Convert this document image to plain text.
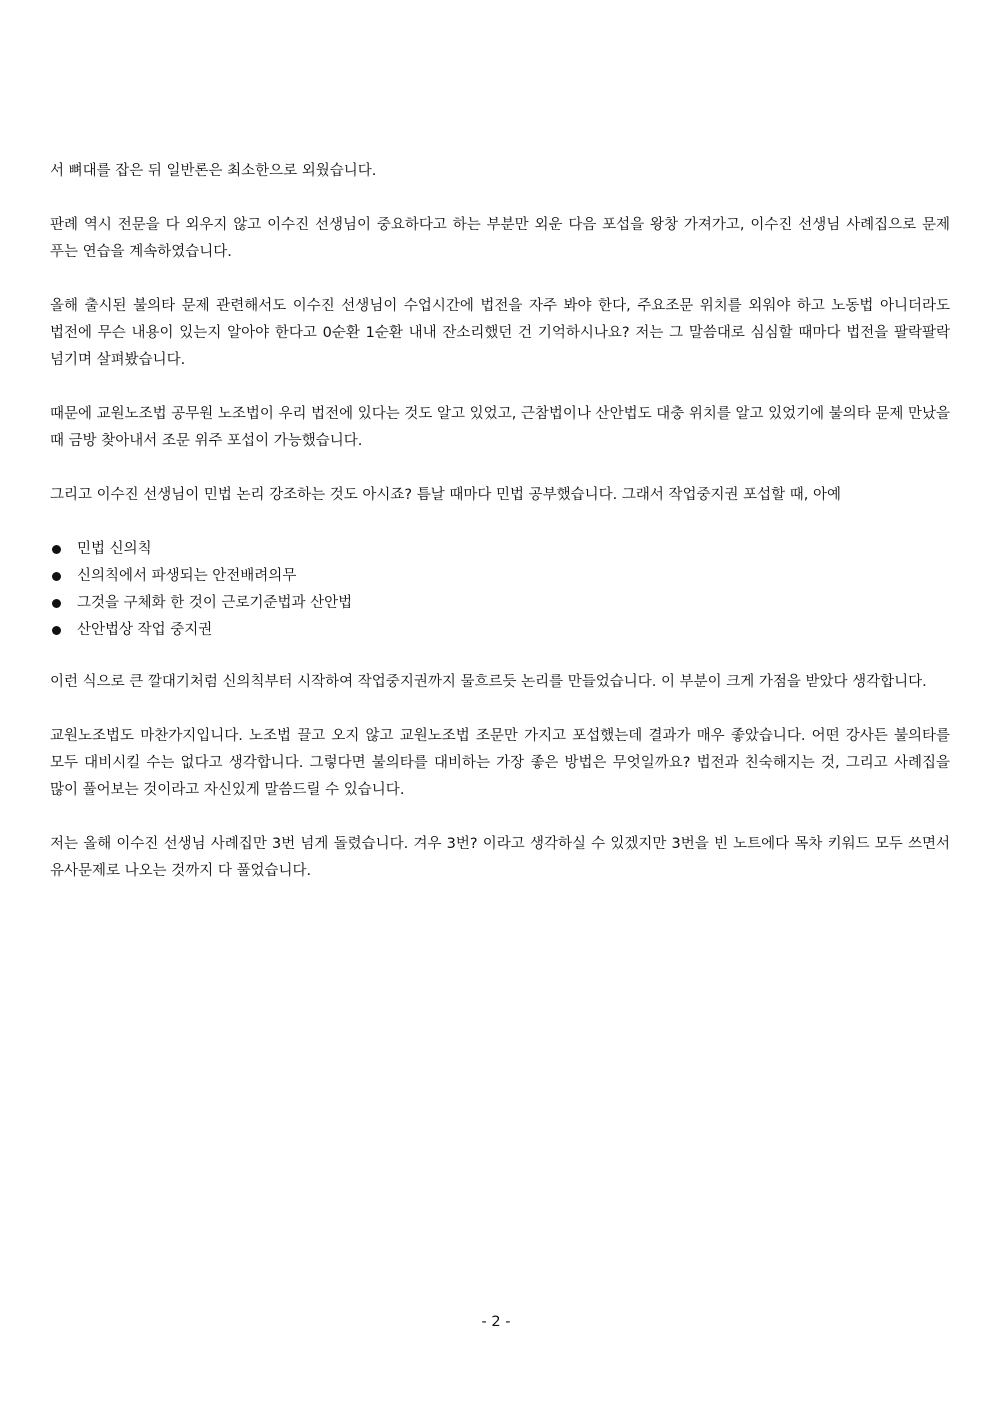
서 뼈대를 잡은 뒤 일반론은 최소한으로 외웠습니다.

판례 역시 전문을 다 외우지 않고 이수진 선생님이 중요하다고 하는 부분만 외운 다음 포섭을 왕창 가져가고, 이수진 선생님 사례집으로 문제 푸는 연습을 계속하였습니다.

올해 출시된 불의타 문제 관련해서도 이수진 선생님이 수업시간에 법전을 자주 봐야 한다, 주요조문 위치를 외워야 하고 노동법 아니더라도 법전에 무슨 내용이 있는지 알아야 한다고 0순환 1순환 내내 잔소리했던 건 기억하시나요? 저는 그 말씀대로 심심할 때마다 법전을 팔락팔락 넘기며 살펴봤습니다.

때문에 교원노조법 공무원 노조법이 우리 법전에 있다는 것도 알고 있었고, 근참법이나 산안법도 대충 위치를 알고 있었기에 불의타 문제 만났을 때 금방 찾아내서 조문 위주 포섭이 가능했습니다.

그리고 이수진 선생님이 민법 논리 강조하는 것도 아시죠? 틈날 때마다 민법 공부했습니다. 그래서 작업중지권 포섭할 때, 아예

민법 신의칙
신의칙에서 파생되는 안전배려의무
그것을 구체화 한 것이 근로기준법과 산안법
산안법상 작업 중지권

이런 식으로 큰 깔대기처럼 신의칙부터 시작하여 작업중지권까지 물흐르듯 논리를 만들었습니다. 이 부분이 크게 가점을 받았다 생각합니다.

교원노조법도 마찬가지입니다. 노조법 끌고 오지 않고 교원노조법 조문만 가지고 포섭했는데 결과가 매우 좋았습니다. 어떤 강사든 불의타를 모두 대비시킬 수는 없다고 생각합니다. 그렇다면 불의타를 대비하는 가장 좋은 방법은 무엇일까요? 법전과 친숙해지는 것, 그리고 사례집을 많이 풀어보는 것이라고 자신있게 말씀드릴 수 있습니다.

저는 올해 이수진 선생님 사례집만 3번 넘게 돌렸습니다. 겨우 3번? 이라고 생각하실 수 있겠지만 3번을 빈 노트에다 목차 키워드 모두 쓰면서 유사문제로 나오는 것까지 다 풀었습니다.

- 2 -
